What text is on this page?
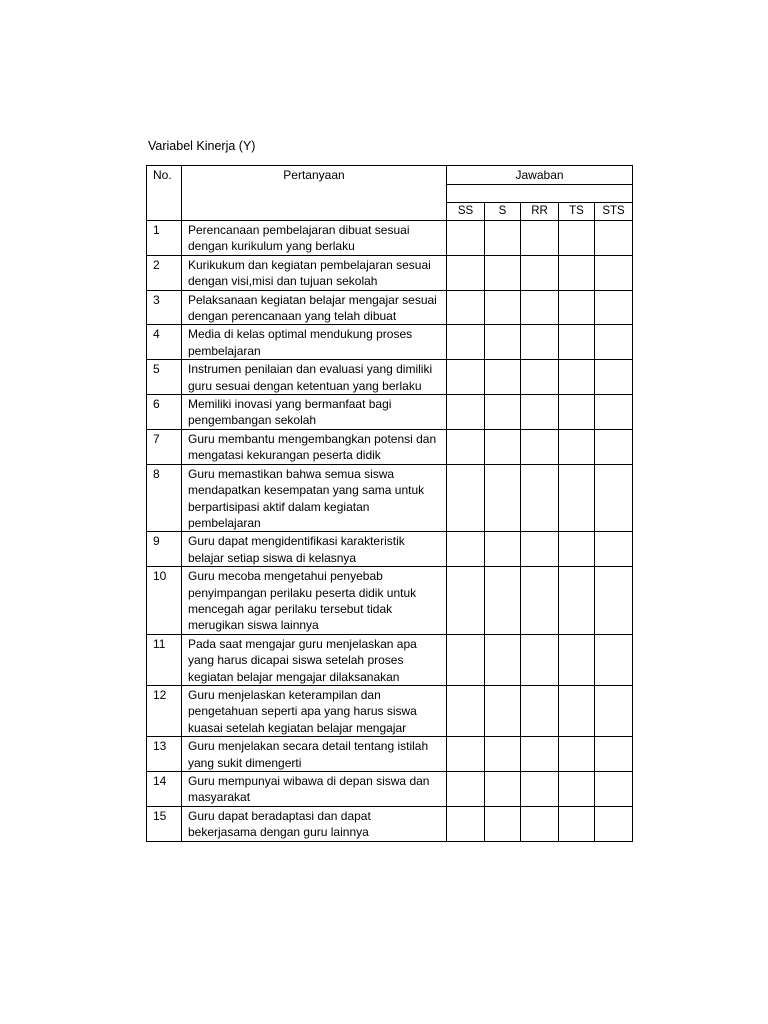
Variabel Kinerja (Y)
No.	Pertanyaan	Jawaban				

		SS	S	RR	TS	STS
1	Perencanaan pembelajaran dibuat sesuai dengan kurikulum yang berlaku					
2	Kurikukum dan kegiatan pembelajaran sesuai dengan visi,misi dan tujuan sekolah					
3	Pelaksanaan kegiatan belajar mengajar sesuai dengan perencanaan yang telah dibuat					
4	Media di kelas optimal mendukung proses pembelajaran					
5	Instrumen penilaian dan evaluasi yang dimiliki guru sesuai dengan ketentuan yang berlaku					
6	Memiliki inovasi yang bermanfaat bagi pengembangan sekolah					
7	Guru membantu mengembangkan potensi dan mengatasi kekurangan peserta didik					
8	Guru memastikan bahwa semua siswa mendapatkan kesempatan yang sama untuk berpartisipasi aktif dalam kegiatan pembelajaran					
9	Guru dapat mengidentifikasi karakteristik belajar setiap siswa di kelasnya					
10	Guru mecoba mengetahui penyebab penyimpangan perilaku peserta didik untuk mencegah agar perilaku tersebut tidak merugikan siswa lainnya					
11	Pada saat mengajar guru menjelaskan apa yang harus dicapai siswa setelah proses kegiatan belajar mengajar dilaksanakan					
12	Guru menjelaskan keterampilan dan pengetahuan seperti apa yang harus siswa kuasai setelah kegiatan belajar mengajar					
13	Guru menjelakan secara detail tentang istilah yang sukit dimengerti					
14	Guru mempunyai wibawa di depan siswa dan masyarakat					
15	Guru dapat beradaptasi dan dapat bekerjasama dengan guru lainnya					
